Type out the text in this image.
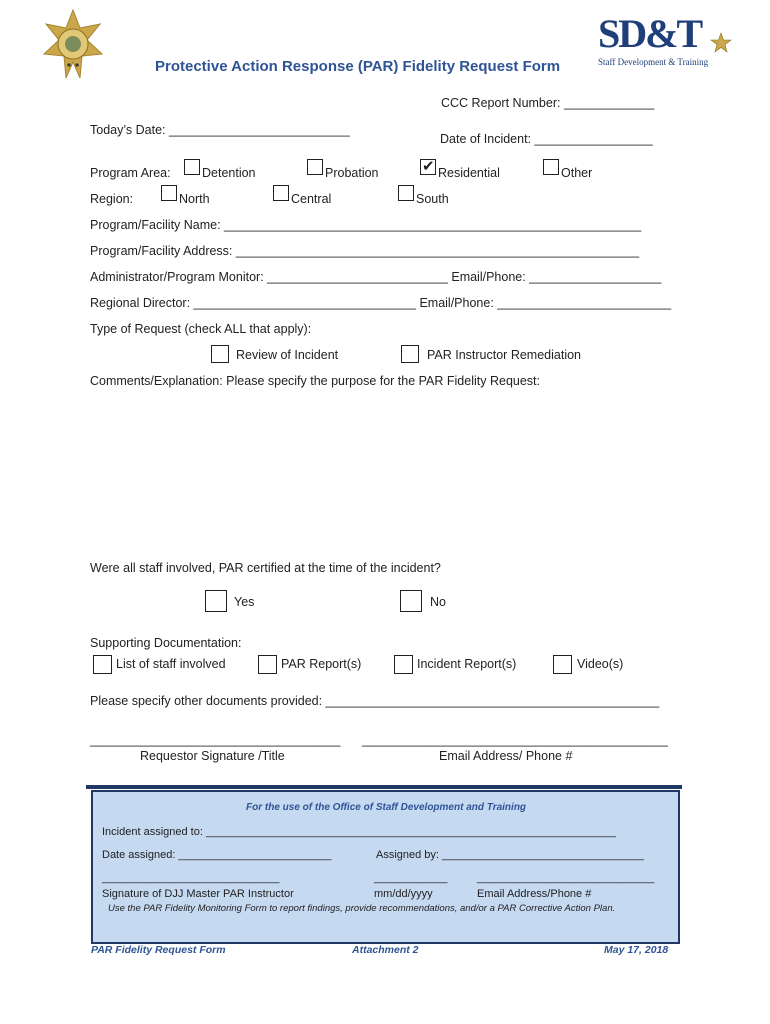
SD&T
Staff Development & Training
Protective Action Response (PAR) Fidelity Request Form
CCC Report Number: _____________
Today’s Date: __________________________
Date of Incident: _________________
Program Area:	Detention	Probation ✔	Residential	Other
Region:	North	Central	South
Program/Facility Name: ____________________________________________________________
Program/Facility Address: __________________________________________________________
Administrator/Program Monitor: __________________________ Email/Phone: ___________________
Regional Director: ________________________________ Email/Phone: _________________________
Type of Request (check ALL that apply):
Review of Incident	PAR Instructor Remediation
Comments/Explanation: Please specify the purpose for the PAR Fidelity Request:
Were all staff involved, PAR certified at the time of the incident?
Yes	No
Supporting Documentation:
List of staff involved	PAR Report(s)	Incident Report(s)	Video(s)
Please specify other documents provided: ________________________________________________
____________________________________ ____________________________________________
Requestor Signature /Title	Email Address/ Phone #
For the use of the Office of Staff Development and Training
Incident assigned to: ___________________________________________________________________
Date assigned: _________________________	Assigned by: _________________________________
_____________________________	____________	_____________________________
Signature of DJJ Master PAR Instructor	mm/dd/yyyy	Email Address/Phone #
Use the PAR Fidelity Monitoring Form to report findings, provide recommendations, and/or a PAR Corrective Action Plan.
PAR Fidelity Request Form	Attachment 2	May 17, 2018
